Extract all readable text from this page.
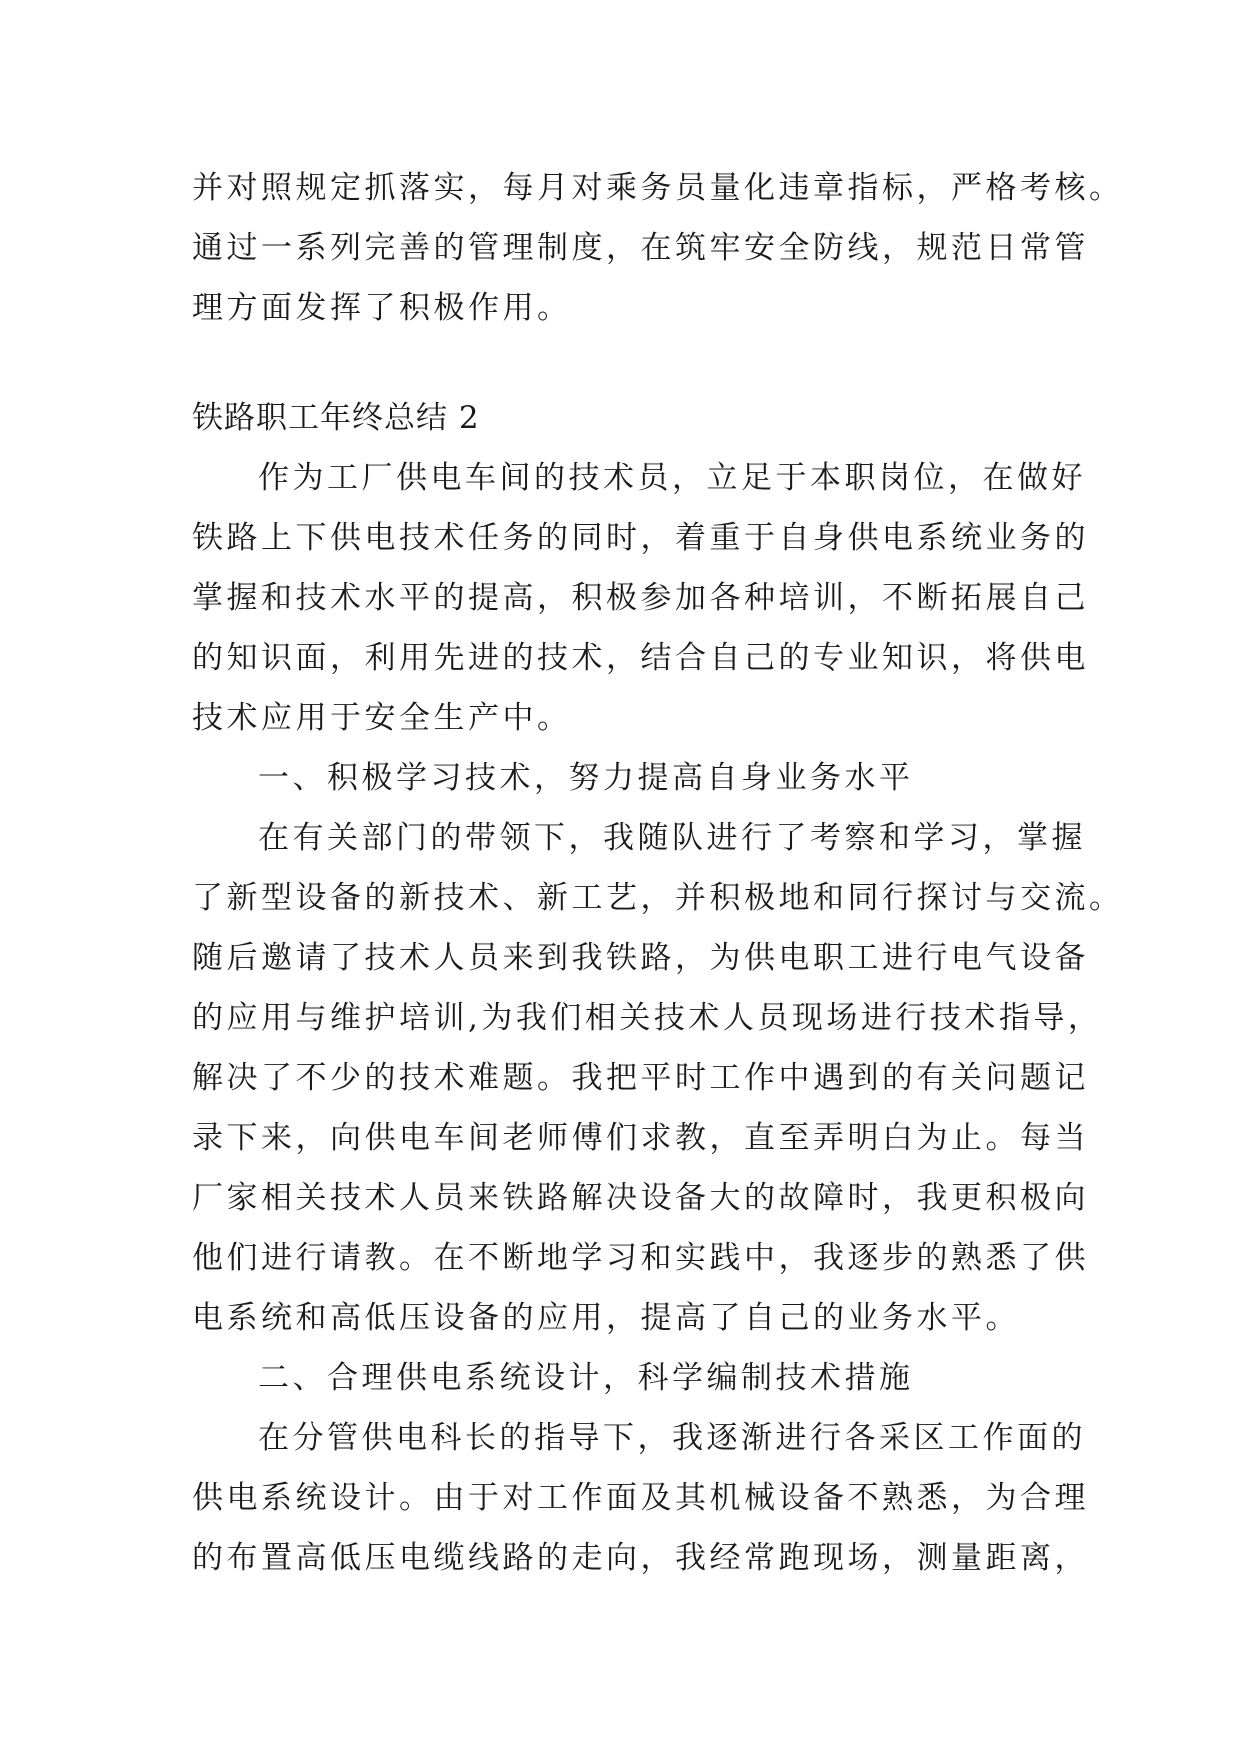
并对照规定抓落实，每月对乘务员量化违章指标，严格考核。
通过一系列完善的管理制度，在筑牢安全防线，规范日常管
理方面发挥了积极作用。
铁路职工年终总结 2
作为工厂供电车间的技术员，立足于本职岗位，在做好
铁路上下供电技术任务的同时，着重于自身供电系统业务的
掌握和技术水平的提高，积极参加各种培训，不断拓展自己
的知识面，利用先进的技术，结合自己的专业知识，将供电
技术应用于安全生产中。
一、积极学习技术，努力提高自身业务水平
在有关部门的带领下，我随队进行了考察和学习，掌握
了新型设备的新技术、新工艺，并积极地和同行探讨与交流。
随后邀请了技术人员来到我铁路，为供电职工进行电气设备
的应用与维护培训,为我们相关技术人员现场进行技术指导，
解决了不少的技术难题。我把平时工作中遇到的有关问题记
录下来，向供电车间老师傅们求教，直至弄明白为止。每当
厂家相关技术人员来铁路解决设备大的故障时，我更积极向
他们进行请教。在不断地学习和实践中，我逐步的熟悉了供
电系统和高低压设备的应用，提高了自己的业务水平。
二、合理供电系统设计，科学编制技术措施
在分管供电科长的指导下，我逐渐进行各采区工作面的
供电系统设计。由于对工作面及其机械设备不熟悉，为合理
的布置高低压电缆线路的走向，我经常跑现场，测量距离，
